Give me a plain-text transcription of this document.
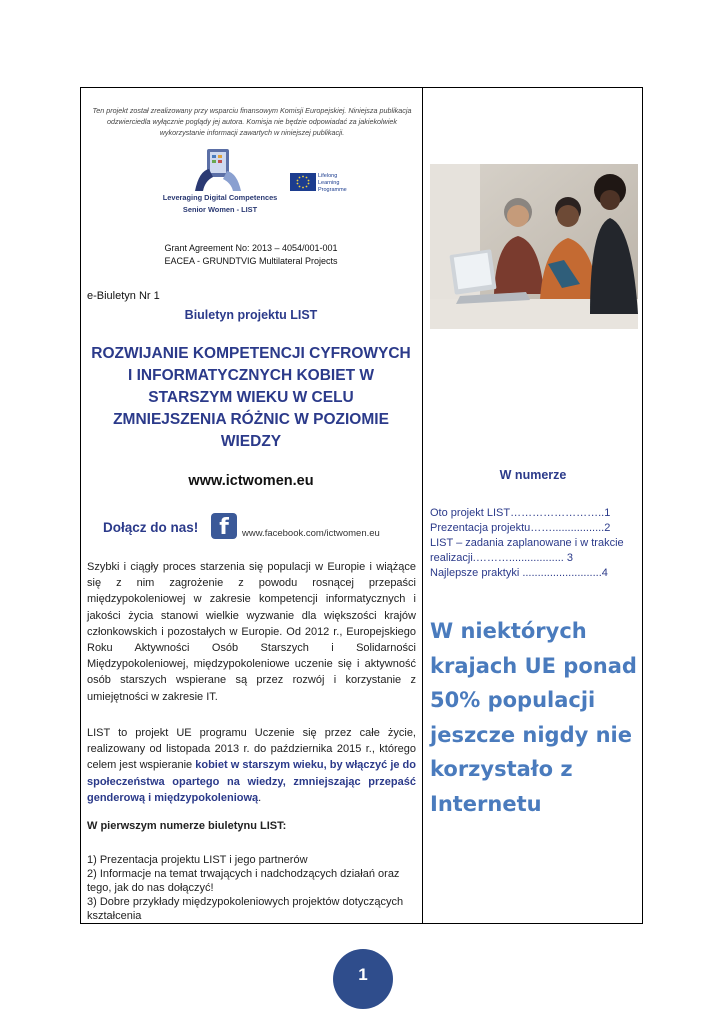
Ten projekt został zrealizowany przy wsparciu finansowym Komisji Europejskiej. Niniejsza publikacja odzwierciedla wyłącznie poglądy jej autora. Komisja nie będzie odpowiadać za jakiekolwiek wykorzystanie informacji zawartych w niniejszej publikacji.
Leveraging Digital Competences
Senior Women - LIST
Lifelong
Learning
Programme
Grant Agreement No: 2013 – 4054/001-001
EACEA - GRUNDTVIG Multilateral Projects
e-Biuletyn Nr 1
Biuletyn projektu LIST
ROZWIJANIE KOMPETENCJI CYFROWYCH I INFORMATYCZNYCH KOBIET W STARSZYM WIEKU W CELU ZMNIEJSZENIA RÓŻNIC W POZIOMIE WIEDZY
www.ictwomen.eu
Dołącz do nas! f	www.facebook.com/ictwomen.eu
Szybki i ciągły proces starzenia się populacji w Europie i wiążące się z nim zagrożenie z powodu rosnącej przepaści międzypokoleniowej w zakresie kompetencji informatycznych i jakości życia stanowi wielkie wyzwanie dla większości krajów członkowskich i pozostałych w Europie. Od 2012 r., Europejskiego Roku Aktywności Osób Starszych i Solidarności Międzypokoleniowej, międzypokoleniowe uczenie się i aktywność osób starszych wspierane są przez rozwój i korzystanie z umiejętności w zakresie IT.
LIST to projekt UE programu Uczenie się przez całe życie, realizowany od listopada 2013 r. do października 2015 r., którego celem jest wspieranie kobiet w starszym wieku, by włączyć je do społeczeństwa opartego na wiedzy, zmniejszając przepaść genderową i międzypokoleniową.
W pierwszym numerze biuletynu LIST:
1) Prezentacja projektu LIST i jego partnerów
2) Informacje na temat trwających i nadchodzących działań oraz tego, jak do nas dołączyć!
3) Dobre przykłady międzypokoleniowych projektów dotyczących kształcenia
W numerze
Oto projekt LIST……………………..1
Prezentacja projektu…….................2
LIST – zadania zaplanowane i w trakcie realizacji.……….................. 3
Najlepsze praktyki ..........................4
W niektórych krajach UE ponad 50% populacji jeszcze nigdy nie korzystało z Internetu
1
